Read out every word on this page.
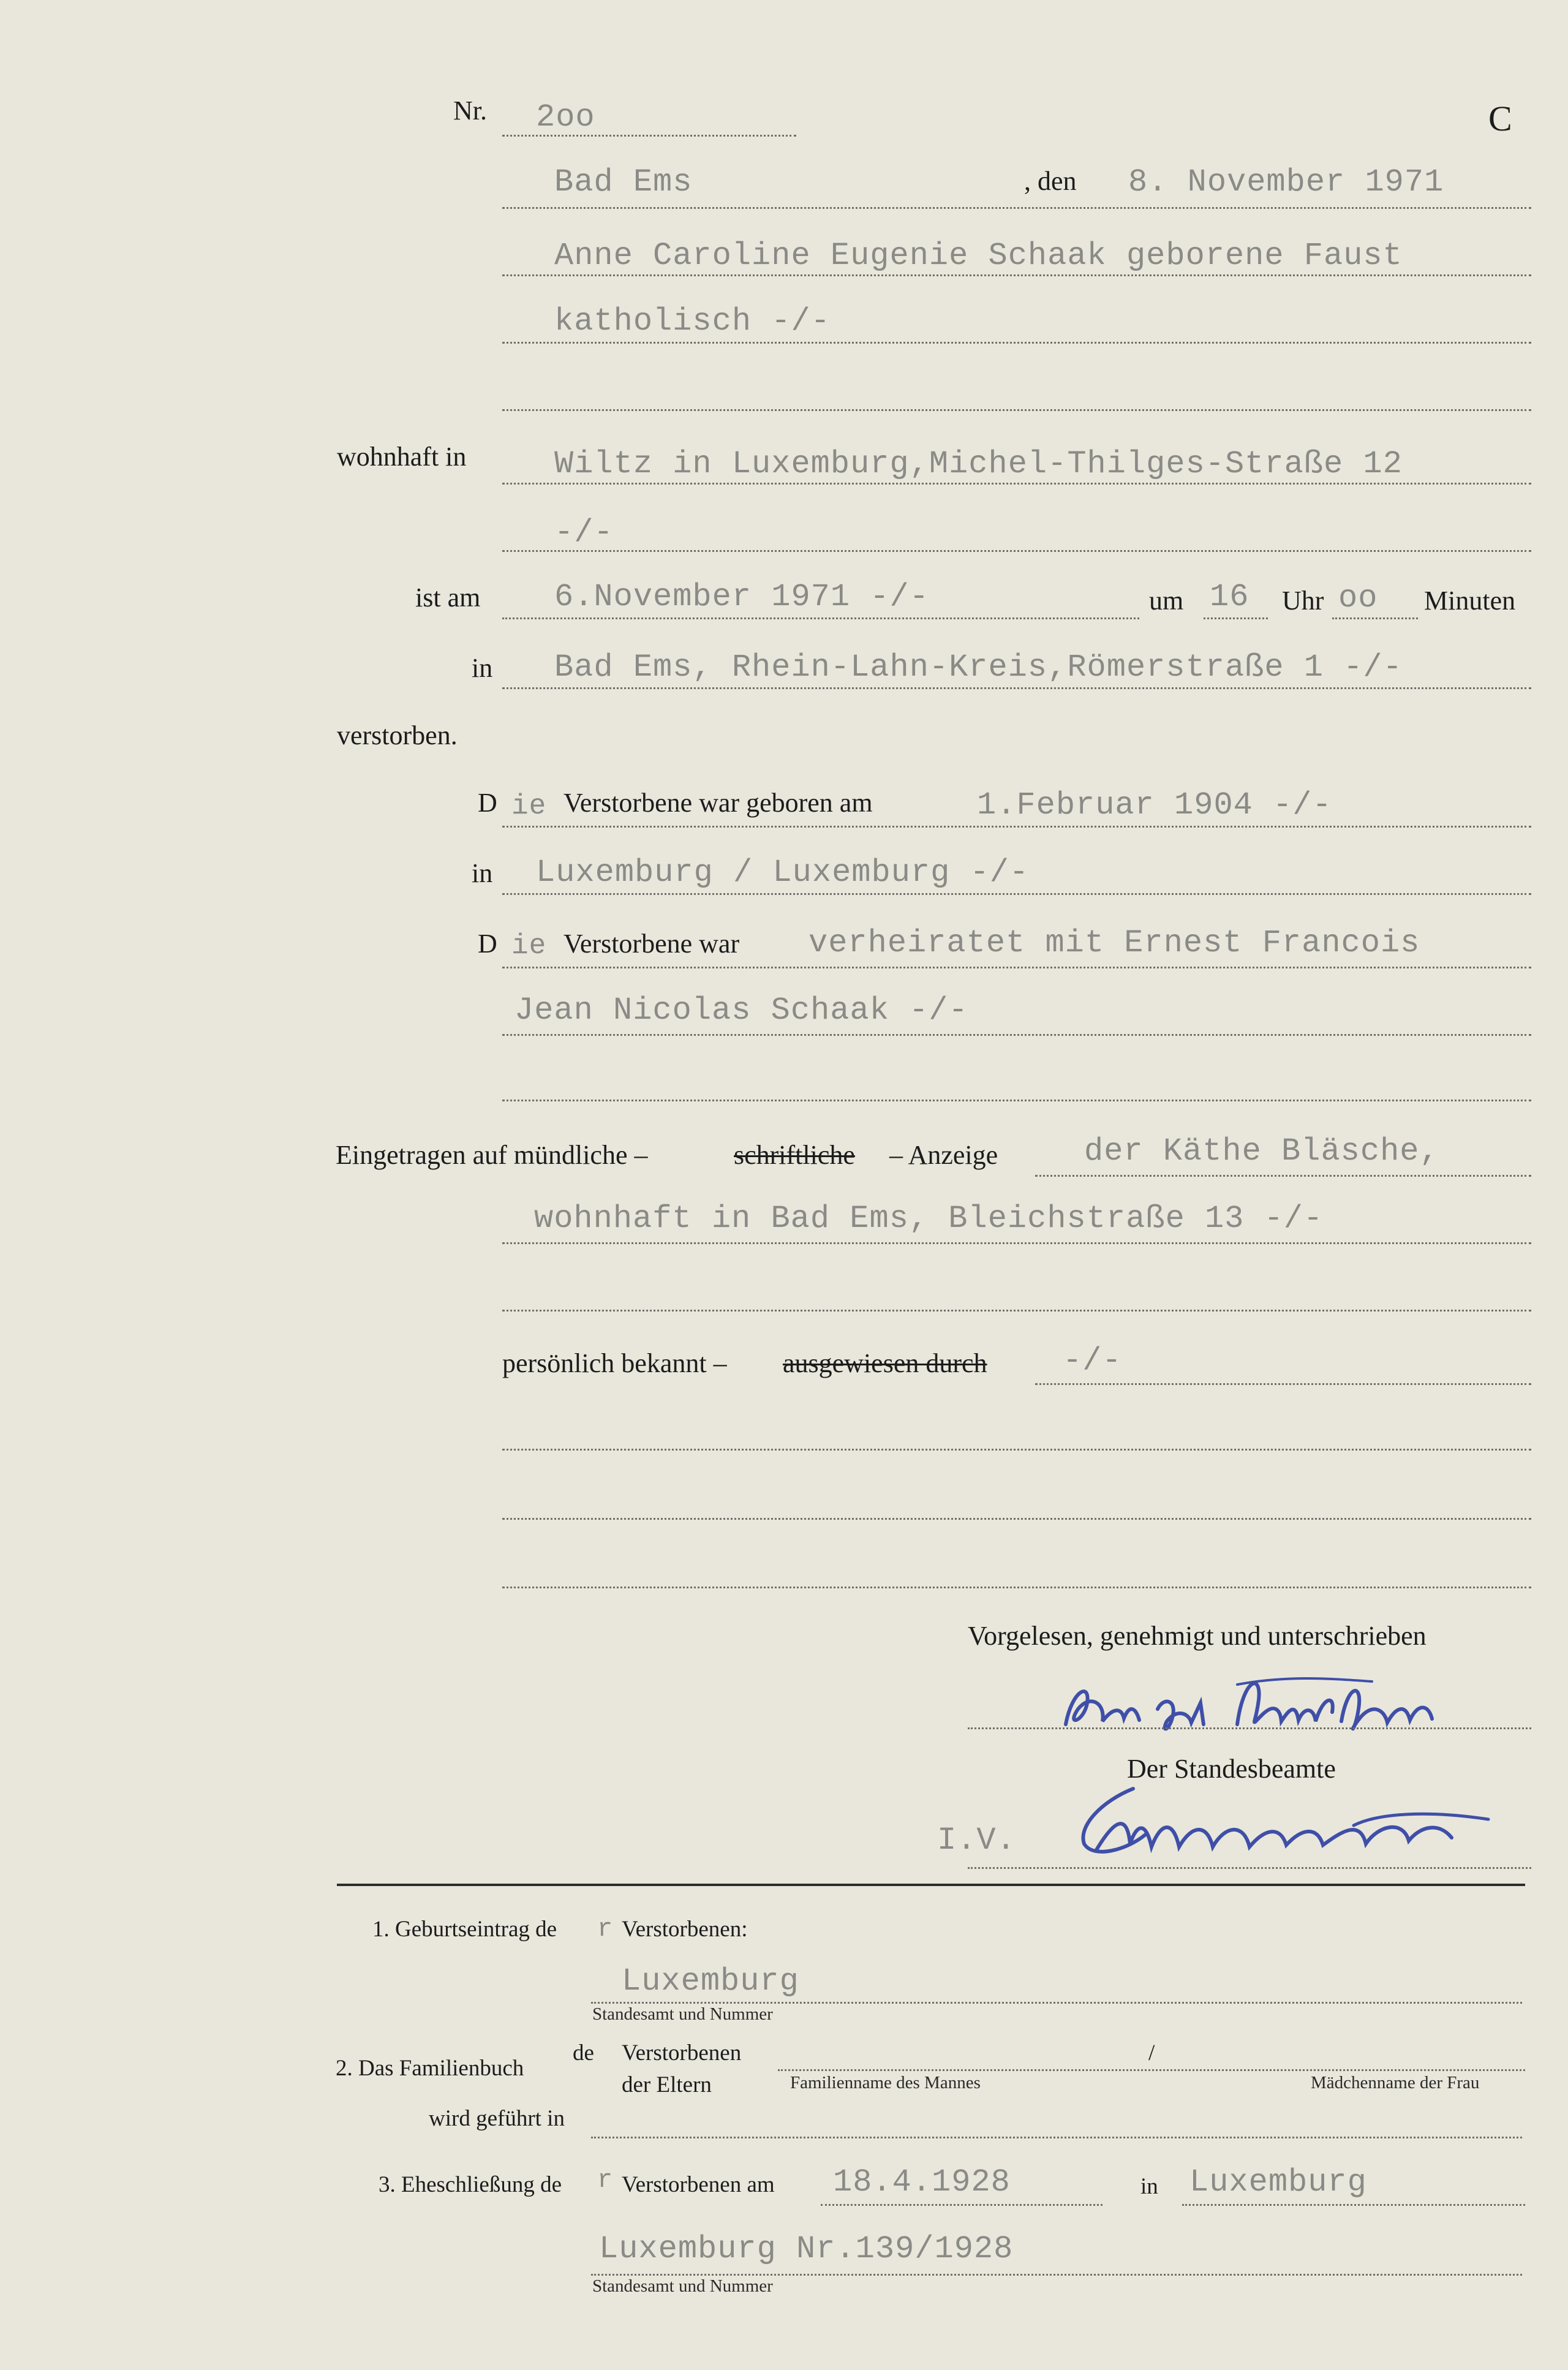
Nr. 2oo	C
Bad Ems	, den 8. November 1971
Anne Caroline Eugenie Schaak geborene Faust
katholisch -/-
wohnhaft in	Wiltz in Luxemburg,Michel-Thilges-Straße 12
-/-
ist am 6.November 1971 -/-	um 16 Uhr oo Minuten
in Bad Ems, Rhein-Lahn-Kreis,Römerstraße 1 -/-
verstorben.
D ie Verstorbene war geboren am	1.Februar 1904 -/-
in Luxemburg / Luxemburg -/-
D ie Verstorbene war verheiratet mit Ernest Francois
Jean Nicolas Schaak -/-
Eingetragen auf mündliche –	schriftliche – Anzeige	der Käthe Bläsche,
wohnhaft in Bad Ems, Bleichstraße 13 -/-
persönlich bekannt – ausgewiesen durch -/-
Vorgelesen, genehmigt und unterschrieben
Der Standesbeamte
I.V.
1. Geburtseintrag de r Verstorbenen:
Luxemburg
Standesamt und Nummer
2. Das Familienbuch
de Verstorbenen
der Eltern
/
Familienname des Mannes	Mädchenname der Frau
wird geführt in
3. Eheschließung de r Verstorbenen am 18.4.1928	in Luxemburg
Luxemburg Nr.139/1928
Standesamt und Nummer
